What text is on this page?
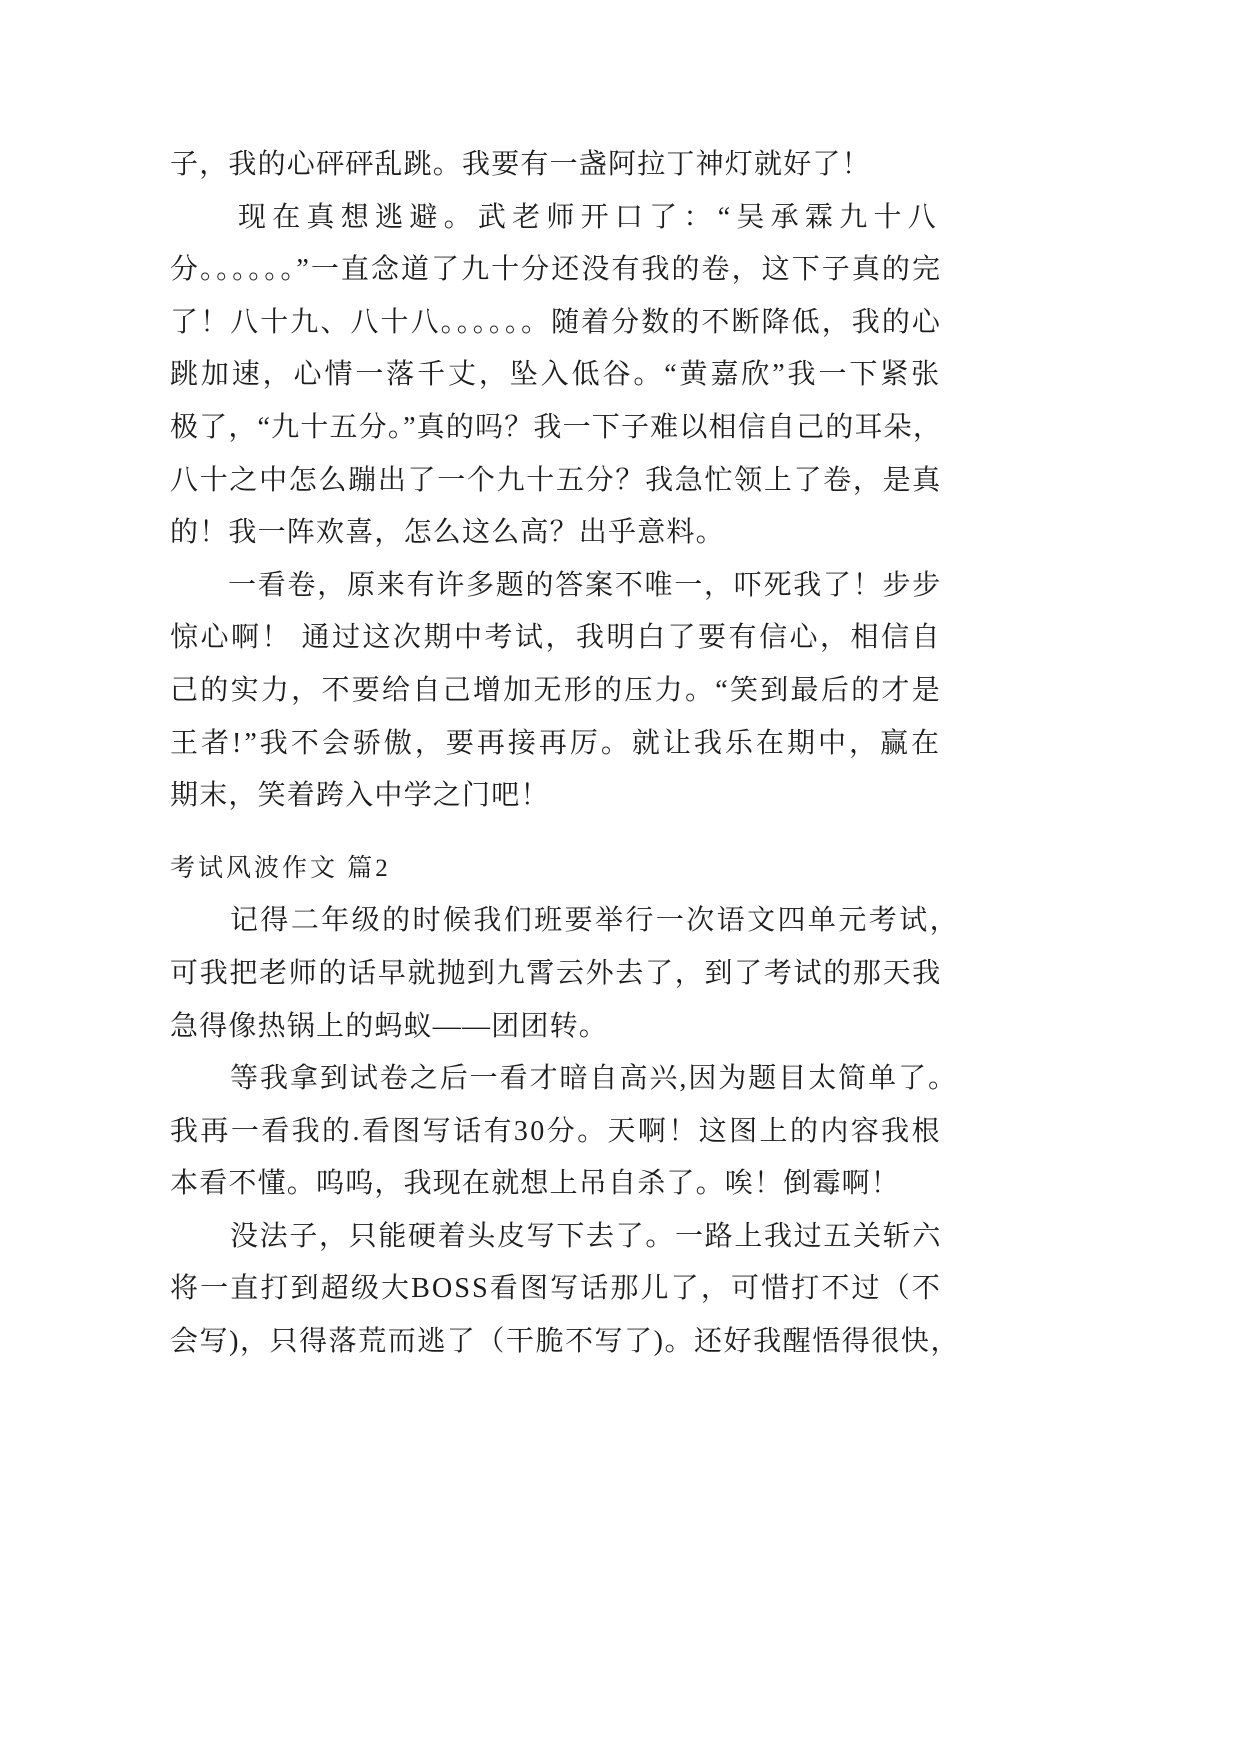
子，我的心砰砰乱跳。我要有一盏阿拉丁神灯就好了！
现在真想逃避。武老师开口了：“吴承霖九十八
分。。。。。。”一直念道了九十分还没有我的卷，这下子真的完
了！八十九、八十八。。。。。。随着分数的不断降低，我的心
跳加速，心情一落千丈，坠入低谷。“黄嘉欣”我一下紧张
极了，“九十五分。”真的吗？我一下子难以相信自己的耳朵，
八十之中怎么蹦出了一个九十五分？我急忙领上了卷，是真
的！我一阵欢喜，怎么这么高？出乎意料。
一看卷，原来有许多题的答案不唯一，吓死我了！步步
惊心啊！ 通过这次期中考试，我明白了要有信心，相信自
己的实力，不要给自己增加无形的压力。“笑到最后的才是
王者!”我不会骄傲，要再接再厉。就让我乐在期中，赢在
期末，笑着跨入中学之门吧！
考试风波作文 篇2
记得二年级的时候我们班要举行一次语文四单元考试，
可我把老师的话早就抛到九霄云外去了，到了考试的那天我
急得像热锅上的蚂蚁——团团转。
等我拿到试卷之后一看才暗自高兴,因为题目太简单了。
我再一看我的.看图写话有30分。天啊！这图上的内容我根
本看不懂。呜呜，我现在就想上吊自杀了。唉！倒霉啊！
没法子，只能硬着头皮写下去了。一路上我过五关斩六
将一直打到超级大BOSS看图写话那儿了，可惜打不过（不
会写)，只得落荒而逃了（干脆不写了)。还好我醒悟得很快，
